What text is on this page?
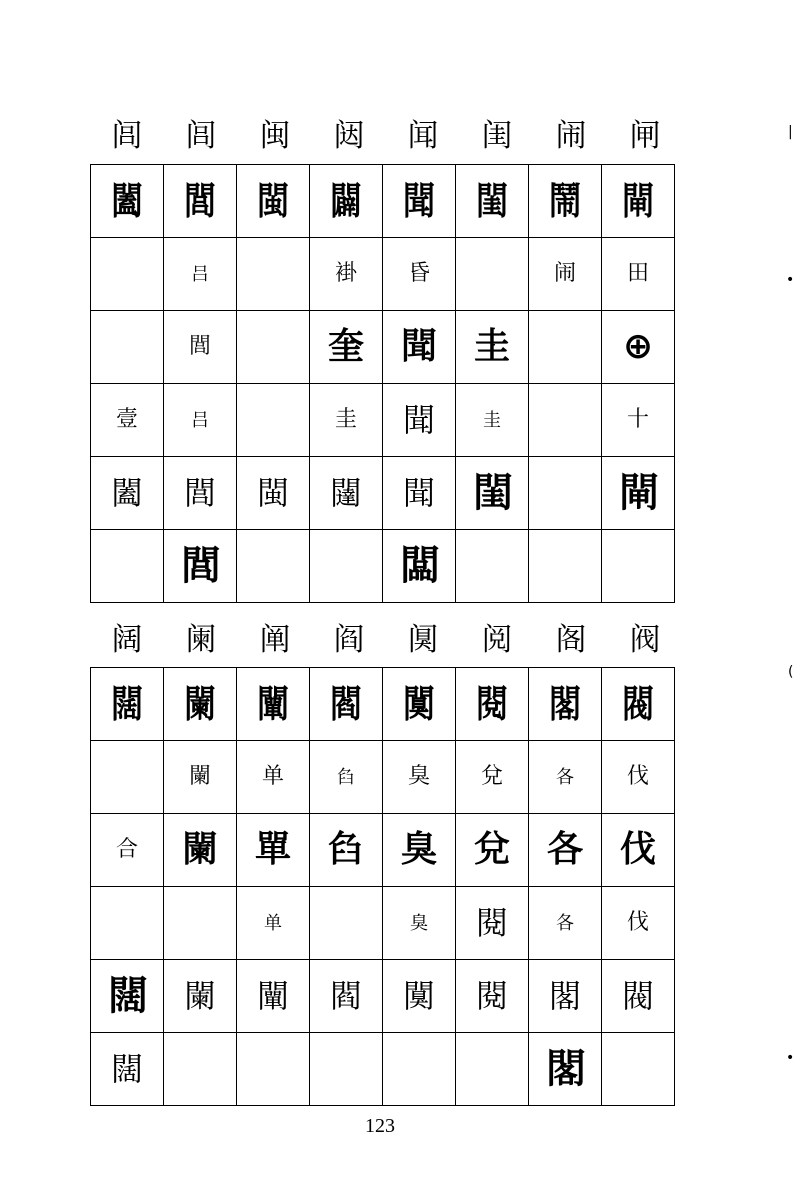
闾	闾	闽	闼	闻	闺	闹	闸
闔	閭	閩	闢	聞	閨	鬧	閘
	吕		褂	昏		闹	田
	閭		奎	聞	圭		⊕
壹	吕		圭	聞	圭		十
闔	閭	閩	闥	聞	閨		閘
	閭			闆			
阔	阑	阐	阎	阒	阅	阁	阀
闊	闌	闡	閻	闃	閱	閣	閥
	闌	单	臽	臭	兌	各	伐
合	闌	單	臽	臭	兌	各	伐
		单		臭	閱	各	伐
闊	闌	闡	閻	闃	閱	閣	閥
闊						閣	
123
|
•
(
•
